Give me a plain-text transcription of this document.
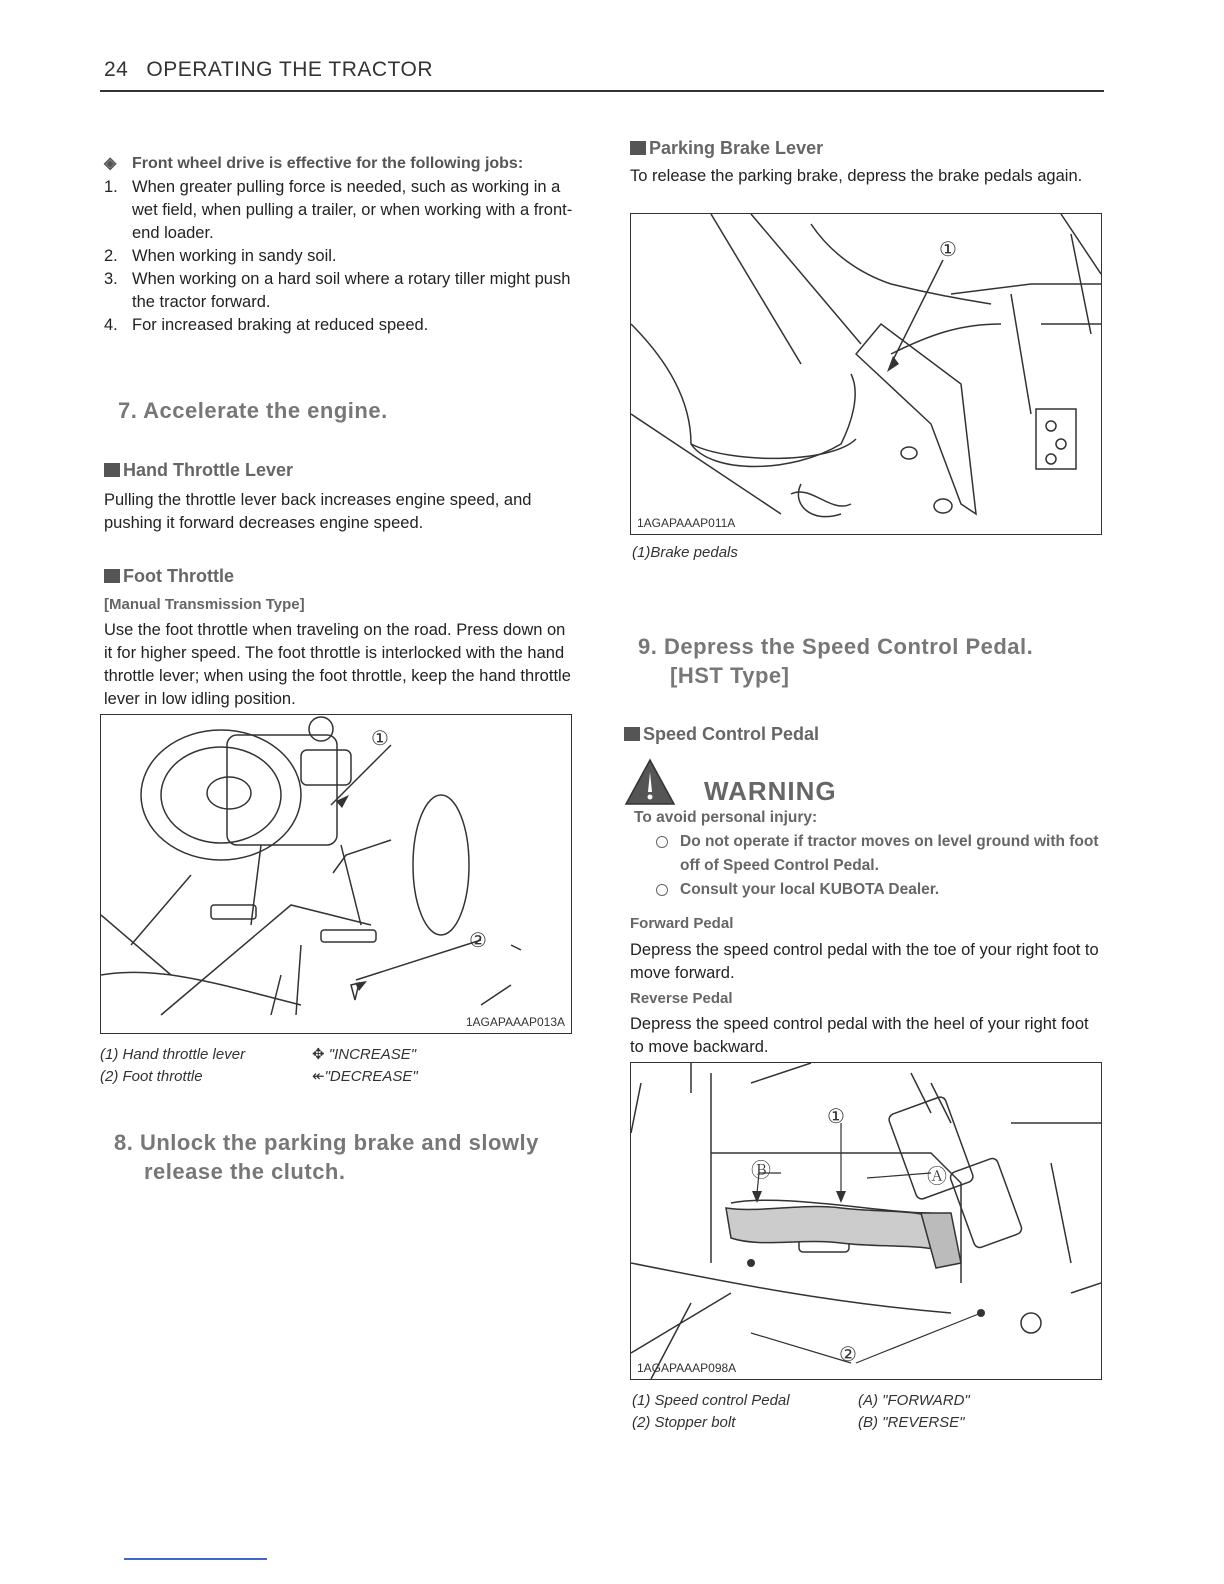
24 OPERATING THE TRACTOR
◈ Front wheel drive is effective for the following jobs:
1. When greater pulling force is needed, such as working in a wet field, when pulling a trailer, or when working with a front-end loader.
2. When working in sandy soil.
3. When working on a hard soil where a rotary tiller might push the tractor forward.
4. For increased braking at reduced speed.
7. Accelerate the engine.
Hand Throttle Lever
Pulling the throttle lever back increases engine speed, and pushing it forward decreases engine speed.
Foot Throttle
[Manual Transmission Type]
Use the foot throttle when traveling on the road. Press down on it for higher speed. The foot throttle is interlocked with the hand throttle lever; when using the foot throttle, keep the hand throttle lever in low idling position.
①
②
1AGAPAAAP013A
(1) Hand throttle lever
(2) Foot throttle
✥ "INCREASE"
↞"DECREASE"
8. Unlock the parking brake and slowly
release the clutch.
Parking Brake Lever
To release the parking brake, depress the brake pedals again.
①
1AGAPAAAP011A
(1)Brake pedals
9. Depress the Speed Control Pedal.
[HST Type]
Speed Control Pedal
WARNING
To avoid personal injury:
Do not operate if tractor moves on level ground with foot off of Speed Control Pedal.
Consult your local KUBOTA Dealer.
Forward Pedal
Depress the speed control pedal with the toe of your right foot to move forward.
Reverse Pedal
Depress the speed control pedal with the heel of your right foot to move backward.
①
②
Ⓐ
Ⓑ
1AGAPAAAP098A
(1) Speed control Pedal
(2) Stopper bolt
(A) "FORWARD"
(B) "REVERSE"
